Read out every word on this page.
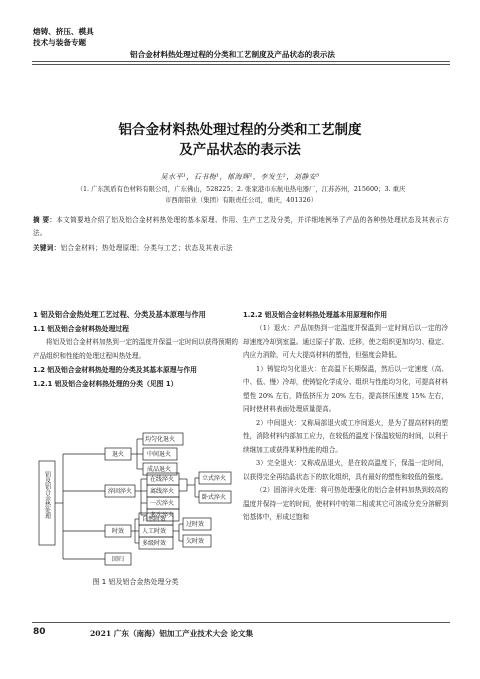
熔铸、挤压、模具
技术与装备专题
铝合金材料热处理过程的分类和工艺制度及产品状态的表示法
铝合金材料热处理过程的分类和工艺制度
及产品状态的表示法
吴水平¹，石书梅¹，郁海辉¹，李发生²，刘静安³
（1. 广东凯盾有色材料有限公司，广东佛山，528225；2. 张家港市东航电热电器厂，江苏苏州，215600；3. 重庆
市西南铝业（集团）有限责任公司，重庆，401326）
摘 要：本文简要地介绍了铝及铝合金材料热处理的基本原理、作用、生产工艺及分类，并详细地例举了产品的各种热处理状态及其表示方法。
关键词：铝合金材料；热处理原理；分类与工艺；状态及其表示法
1 铝及铝合金热处理工艺过程、分类及基本原理与作用
1.1 铝及铝合金材料热处理过程
将铝及铝合金材料加热到一定的温度并保温一定时间以获得预期的产品组织和性能的处理过程叫热处理。
1.2 铝及铝合金材料热处理的分类及其基本原理与作用
1.2.1 铝及铝合金材料热处理的分类（见图 1）
铝及铝合金热处理
退火
淬固淬火
时效
回归
均匀化退火
中间退火
成品退火
在线淬火
离线淬火
一次淬火
多次淬火
立式淬火
卧式淬火
自然时效
人工时效
多级时效
过时效
欠时效
图 1 铝及铝合金热处理分类
1.2.2 铝及铝合金材料热处理基本用原理和作用
（1）退火：产品加热到一定温度并保温到一定时间后以一定的冷却速度冷却到室温。通过原子扩散、迁移，使之组织更加均匀、稳定、内应力消除，可大大提高材料的塑性，但强度会降低。
1）铸锭均匀化退火：在高温下长期保温，然后以一定速度（高、中、低、慢）冷却，使铸锭化学成分、组织与性能均匀化，可提高材料塑性 20% 左右，降低挤压力 20% 左右，提高挤压速度 15% 左右，同时使材料表面处理质量提高。
2）中间退火：又称局部退火或工序间退火，是为了提高材料的塑性，消除材料内部加工应力，在较低的温度下保温较短的时间，以利于续继加工或获得某种性能的组合。
3）完全退火：又称成品退火，是在较高温度下，保温一定时间，以获得完全再结晶状态下的软化组织，具有最好的塑性和较低的强度。
（2）固溶淬火处理：将可热处理强化的铝合金材料加热到较高的温度并保持一定的时间，使材料中的第二相或其它可溶成分充分溶解到铝基体中，形成过饱和
80	2021 广东（南海）铝加工产业技术大会 论文集
